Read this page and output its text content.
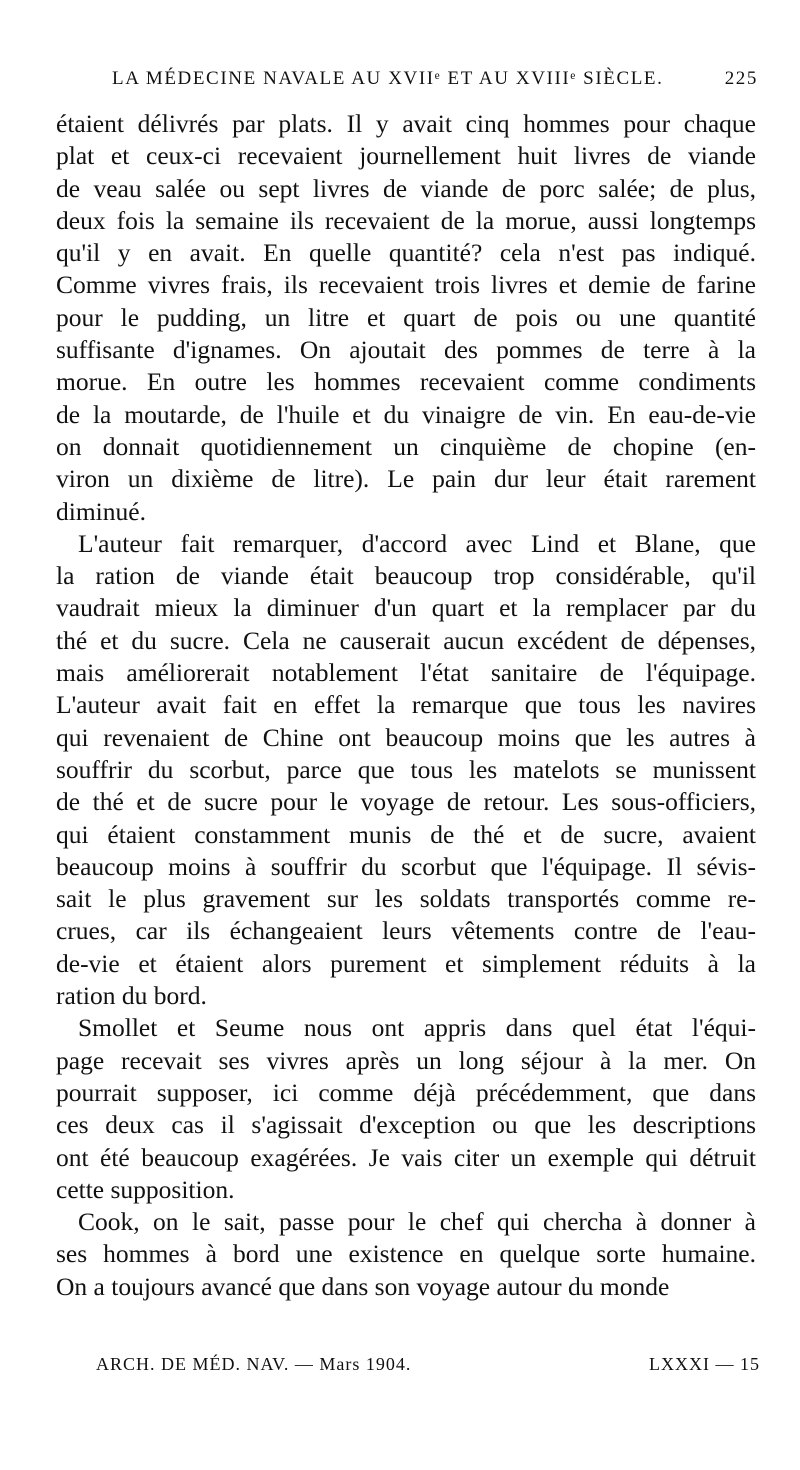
LA MÉDECINE NAVALE AU XVIIᵉ ET AU XVIIIᵉ SIÈCLE.	225
étaient délivrés par plats. Il y avait cinq hommes pour chaque
plat et ceux-ci recevaient journellement huit livres de viande
de veau salée ou sept livres de viande de porc salée; de plus,
deux fois la semaine ils recevaient de la morue, aussi longtemps
qu'il y en avait. En quelle quantité? cela n'est pas indiqué.
Comme vivres frais, ils recevaient trois livres et demie de farine
pour le pudding, un litre et quart de pois ou une quantité
suffisante d'ignames. On ajoutait des pommes de terre à la
morue. En outre les hommes recevaient comme condiments
de la moutarde, de l'huile et du vinaigre de vin. En eau-de-vie
on donnait quotidiennement un cinquième de chopine (en-
viron un dixième de litre). Le pain dur leur était rarement
diminué.
L'auteur fait remarquer, d'accord avec Lind et Blane, que
la ration de viande était beaucoup trop considérable, qu'il
vaudrait mieux la diminuer d'un quart et la remplacer par du
thé et du sucre. Cela ne causerait aucun excédent de dépenses,
mais améliorerait notablement l'état sanitaire de l'équipage.
L'auteur avait fait en effet la remarque que tous les navires
qui revenaient de Chine ont beaucoup moins que les autres à
souffrir du scorbut, parce que tous les matelots se munissent
de thé et de sucre pour le voyage de retour. Les sous-officiers,
qui étaient constamment munis de thé et de sucre, avaient
beaucoup moins à souffrir du scorbut que l'équipage. Il sévis-
sait le plus gravement sur les soldats transportés comme re-
crues, car ils échangeaient leurs vêtements contre de l'eau-
de-vie et étaient alors purement et simplement réduits à la
ration du bord.
Smollet et Seume nous ont appris dans quel état l'équi-
page recevait ses vivres après un long séjour à la mer. On
pourrait supposer, ici comme déjà précédemment, que dans
ces deux cas il s'agissait d'exception ou que les descriptions
ont été beaucoup exagérées. Je vais citer un exemple qui détruit
cette supposition.
Cook, on le sait, passe pour le chef qui chercha à donner à
ses hommes à bord une existence en quelque sorte humaine.
On a toujours avancé que dans son voyage autour du monde
ARCH. DE MÉD. NAV. — Mars 1904.	LXXXI — 15
